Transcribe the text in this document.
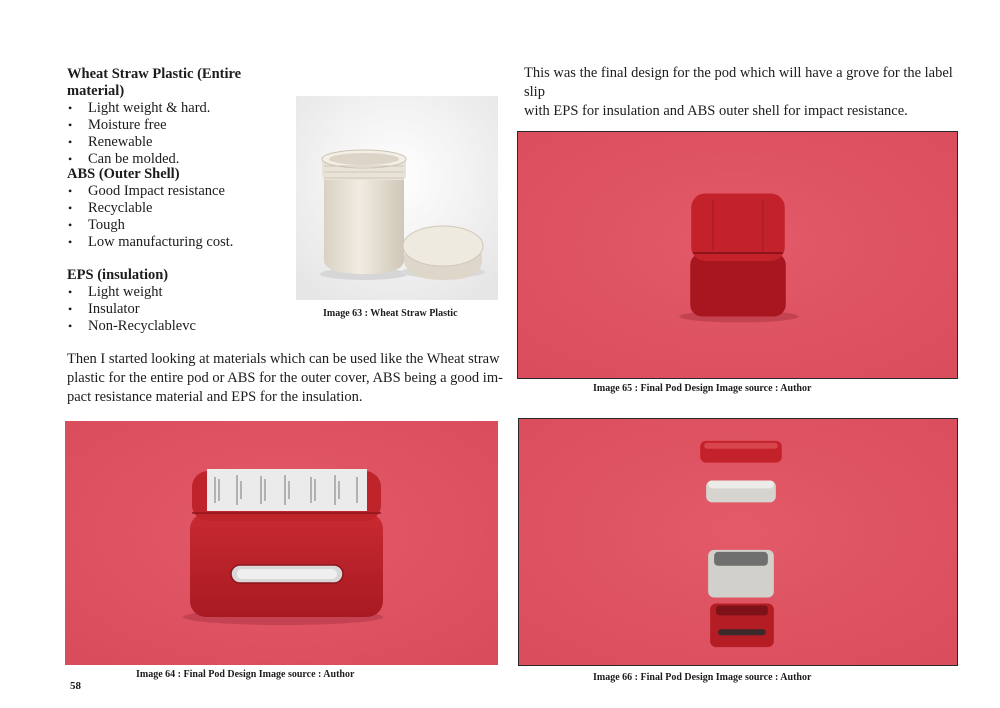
Wheat Straw Plastic (Entire material)

• Light weight & hard.
• Moisture free
• Renewable
• Can be molded.

ABS (Outer Shell)

• Good Impact resistance
• Recyclable
• Tough
• Low manufacturing cost.

EPS (insulation)

• Light weight
• Insulator
• Non-Recyclablevc
Image 63 : Wheat Straw Plastic

Then I started looking at materials which can be used like the Wheat straw

plastic for the entire pod or ABS for the outer cover, ABS being a good im-

pact resistance material and EPS for the insulation.

Image 64 : Final Pod Design Image source : Author
58

This was the final design for the pod which will have a grove for the label slip

with EPS for insulation and ABS outer shell for impact resistance.

Image 65 : Final Pod Design Image source : Author
Image 66 : Final Pod Design Image source : Author
